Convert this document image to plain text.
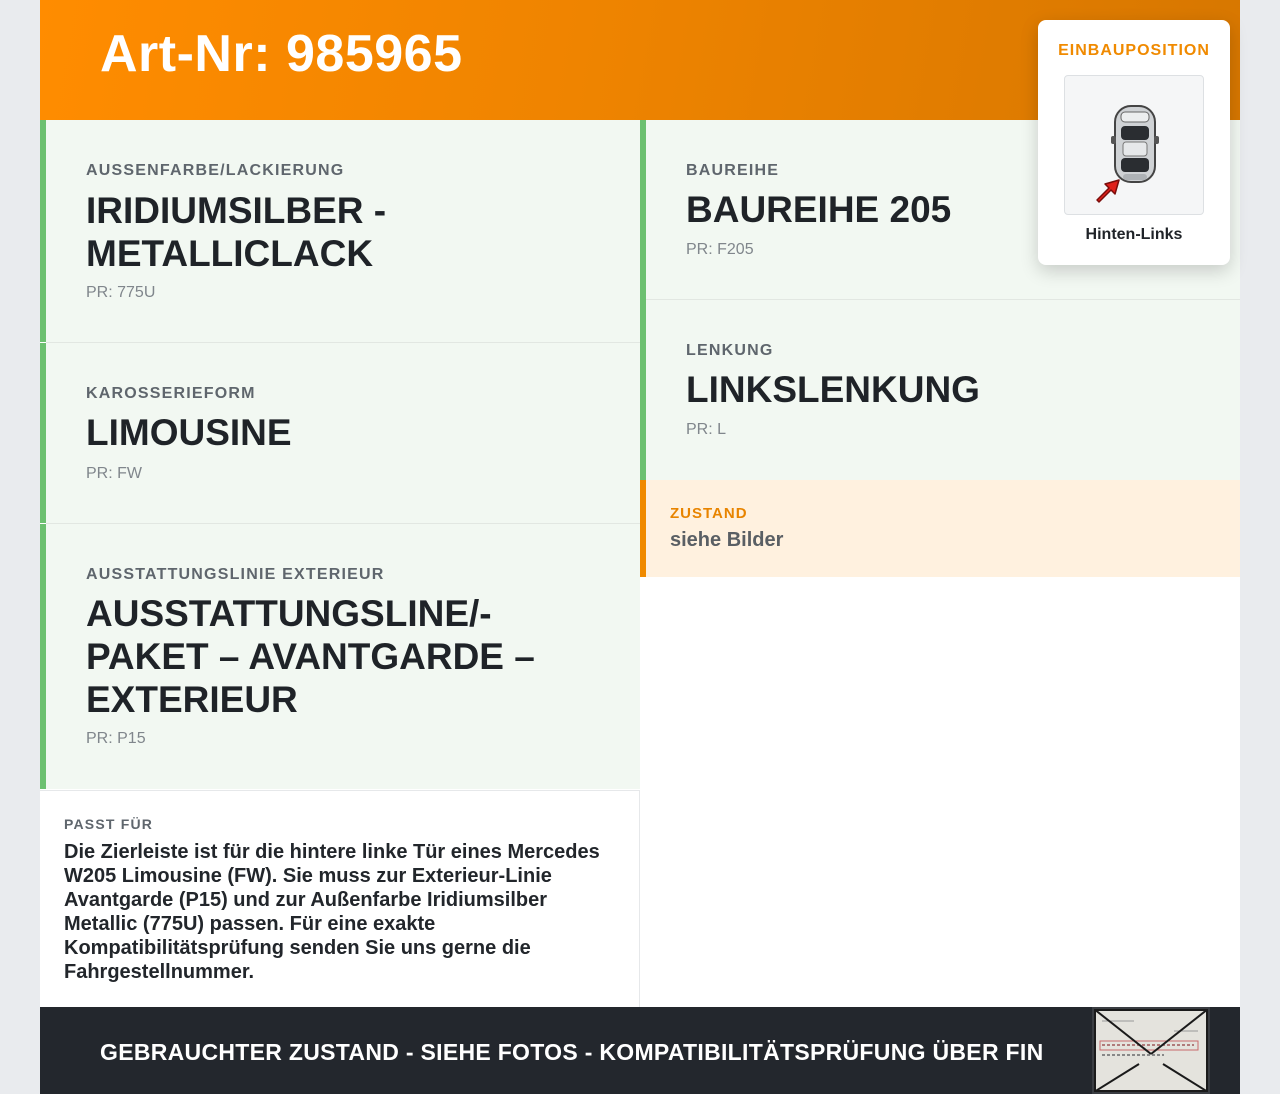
Art-Nr: 985965
AUSSENFARBE/LACKIERUNG
IRIDIUMSILBER - METALLICLACK
PR: 775U
KAROSSERIEFORM
LIMOUSINE
PR: FW
AUSSTATTUNGSLINIE EXTERIEUR
AUSSTATTUNGSLINE/-PAKET – AVANTGARDE – EXTERIEUR
PR: P15
BAUREIHE
BAUREIHE 205
PR: F205
LENKUNG
LINKSLENKUNG
PR: L
ZUSTAND
siehe Bilder
PASST FÜR
Die Zierleiste ist für die hintere linke Tür eines Mercedes W205 Limousine (FW). Sie muss zur Exterieur-Linie Avantgarde (P15) und zur Außenfarbe Iridiumsilber Metallic (775U) passen. Für eine exakte Kompatibilitätsprüfung senden Sie uns gerne die Fahrgestellnummer.
GEBRAUCHTER ZUSTAND - SIEHE FOTOS - KOMPATIBILITÄTSPRÜFUNG ÜBER FIN
EINBAUPOSITION
Hinten-Links
